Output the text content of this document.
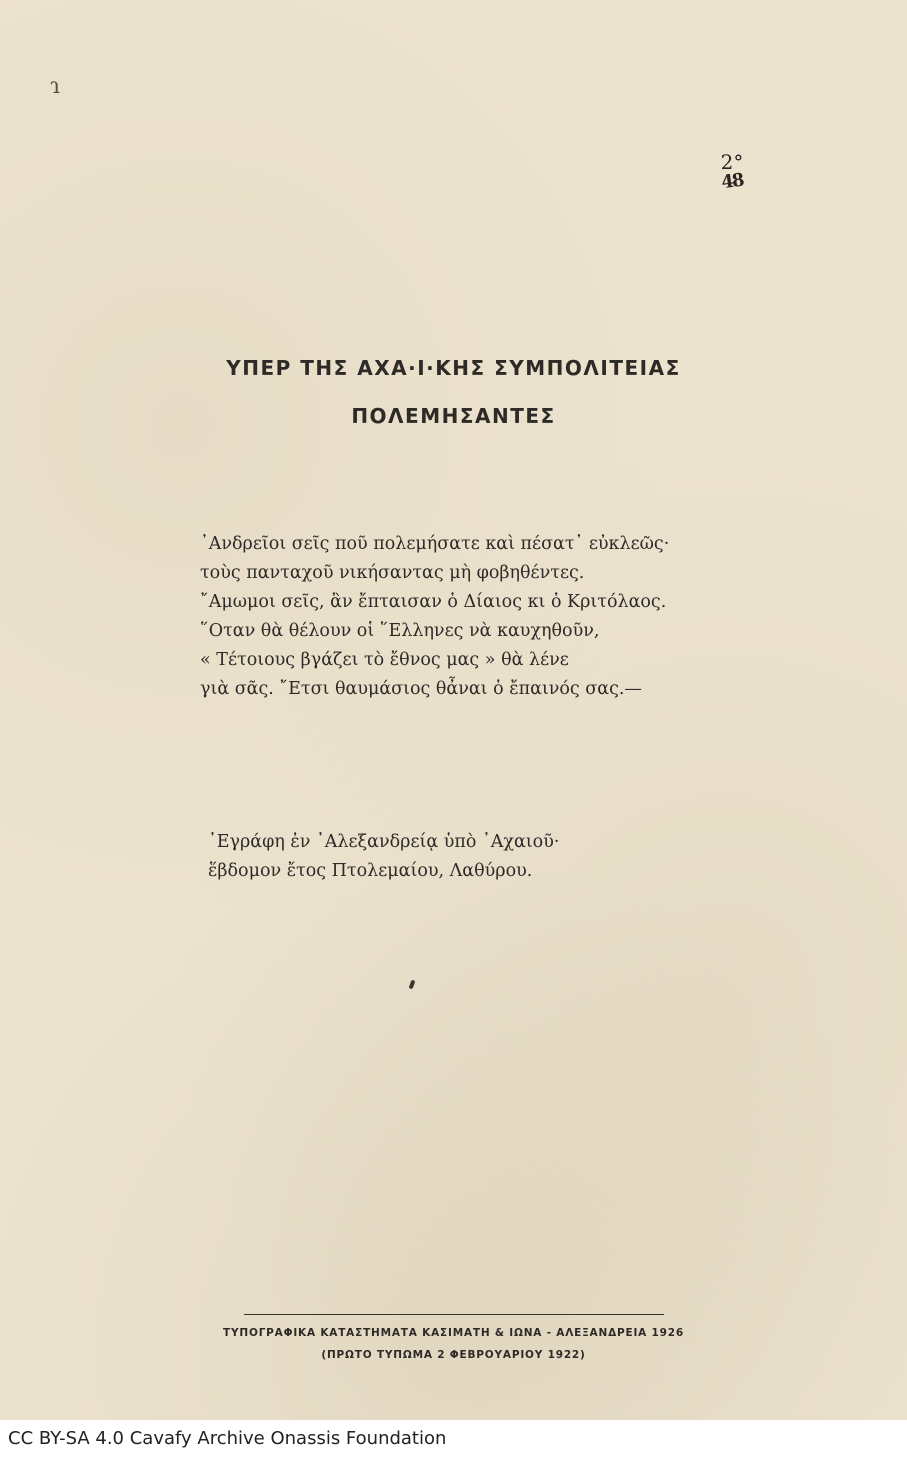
ɿ
2°
48
ΥΠΕΡ ΤΗΣ ΑΧΑ·Ι·ΚΗΣ ΣΥΜΠΟΛΙΤΕΙΑΣ
ΠΟΛΕΜΗΣΑΝΤΕΣ
᾿Ανδρεῖοι σεῖς ποῦ πολεμήσατε καὶ πέσατ᾿ εὐκλεῶς·
τοὺς πανταχοῦ νικήσαντας μὴ φοβηθέντες.
῎Αμωμοι σεῖς, ἂν ἔπταισαν ὁ Δίαιος κι ὁ Κριτόλαος.
῞Οταν θὰ θέλουν οἱ ῞Ελληνες νὰ καυχηθοῦν,
« Τέτοιους βγάζει τὸ ἔθνος μας » θὰ λένε
γιὰ σᾶς. ῎Ετσι θαυμάσιος θἆναι ὁ ἔπαινός σας.—
᾿Εγράφη ἐν ᾿Αλεξανδρείᾳ ὑπὸ ᾿Αχαιοῦ·
ἕβδομον ἔτος Πτολεμαίου, Λαθύρου.
ΤΥΠΟΓΡΑΦΙΚΑ ΚΑΤΑΣΤΗΜΑΤΑ ΚΑΣΙΜΑΤΗ & ΙΩΝΑ - ΑΛΕΞΑΝΔΡΕΙΑ 1926
(ΠΡΩΤΟ ΤΥΠΩΜΑ 2 ΦΕΒΡΟΥΑΡΙΟΥ 1922)
CC BY-SA 4.0 Cavafy Archive Onassis Foundation
